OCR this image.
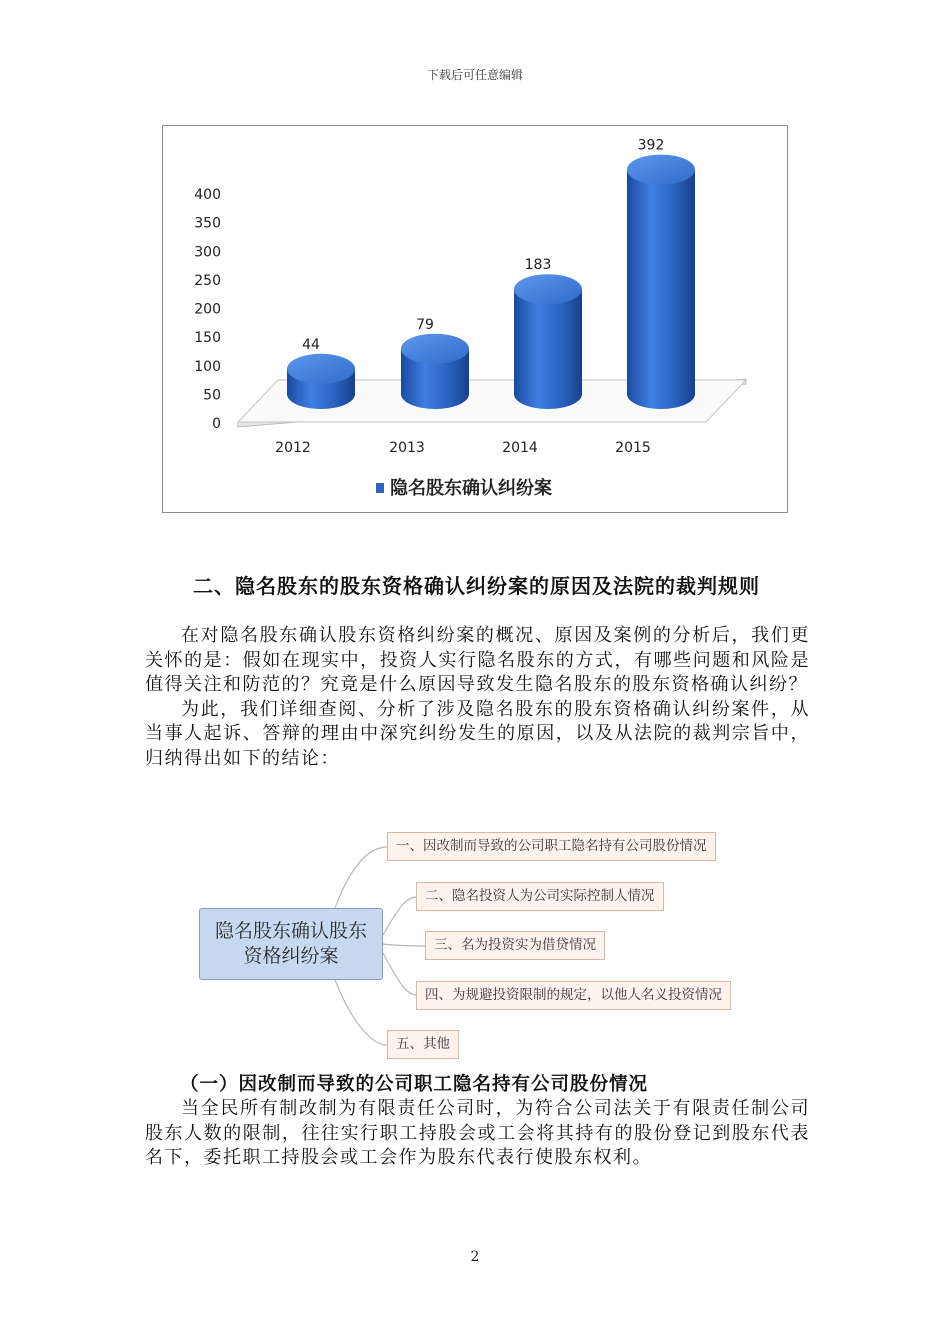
下载后可任意编辑
0
50
100
150
200
250
300
350
400
44
2012
79
2013
183
2014
392
2015
隐名股东确认纠纷案
二、隐名股东的股东资格确认纠纷案的原因及法院的裁判规则

在对隐名股东确认股东资格纠纷案的概况、原因及案例的分析后，我们更关怀的是：假如在现实中，投资人实行隐名股东的方式，有哪些问题和风险是值得关注和防范的？究竟是什么原因导致发生隐名股东的股东资格确认纠纷？

为此，我们详细查阅、分析了涉及隐名股东的股东资格确认纠纷案件，从当事人起诉、答辩的理由中深究纠纷发生的原因，以及从法院的裁判宗旨中，归纳得出如下的结论：

隐名股东确认股东资格纠纷案
一、因改制而导致的公司职工隐名持有公司股份情况
二、隐名投资人为公司实际控制人情况
三、名为投资实为借贷情况
四、为规避投资限制的规定，以他人名义投资情况
五、其他
（一）因改制而导致的公司职工隐名持有公司股份情况

当全民所有制改制为有限责任公司时，为符合公司法关于有限责任制公司股东人数的限制，往往实行职工持股会或工会将其持有的股份登记到股东代表名下，委托职工持股会或工会作为股东代表行使股东权利。

2
